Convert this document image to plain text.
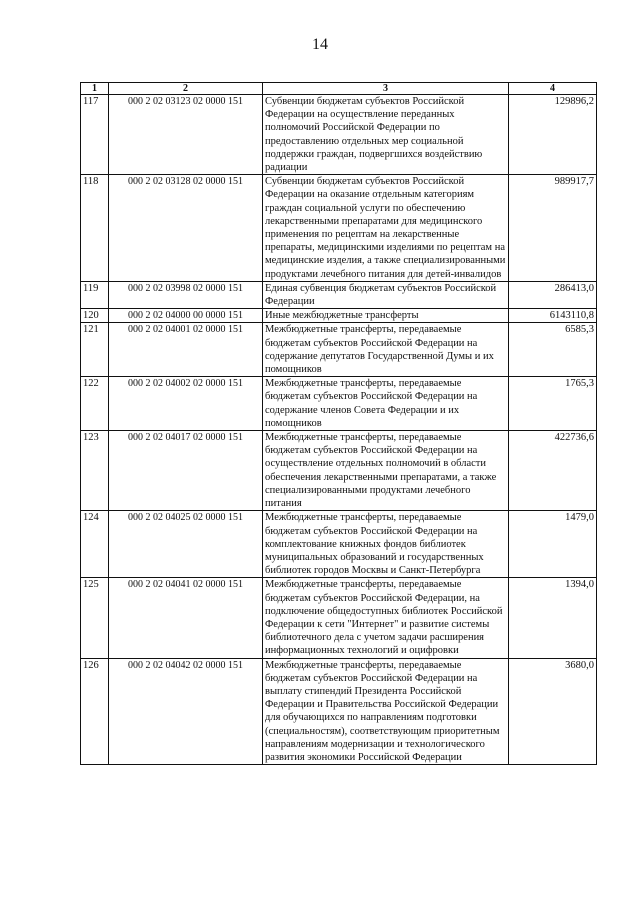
14
1	2	3	4
117	000 2 02 03123 02 0000 151	Субвенции бюджетам субъектов Российской Федерации на осуществление переданных полномочий Российской Федерации по предоставлению отдельных мер социальной поддержки граждан, подвергшихся воздействию радиации	129896,2
118	000 2 02 03128 02 0000 151	Субвенции бюджетам субъектов Российской Федерации на оказание отдельным категориям граждан социальной услуги по обеспечению лекарственными препаратами для медицинского применения по рецептам на лекарственные препараты, медицинскими изделиями по рецептам на медицинские изделия, а также специализированными продуктами лечебного питания для детей-инвалидов	989917,7
119	000 2 02 03998 02 0000 151	Единая субвенция бюджетам субъектов Российской Федерации	286413,0
120	000 2 02 04000 00 0000 151	Иные межбюджетные трансферты	6143110,8
121	000 2 02 04001 02 0000 151	Межбюджетные трансферты, передаваемые бюджетам субъектов Российской Федерации на содержание депутатов Государственной Думы и их помощников	6585,3
122	000 2 02 04002 02 0000 151	Межбюджетные трансферты, передаваемые бюджетам субъектов Российской Федерации на содержание членов Совета Федерации и их помощников	1765,3
123	000 2 02 04017 02 0000 151	Межбюджетные трансферты, передаваемые бюджетам субъектов Российской Федерации на осуществление отдельных полномочий в области обеспечения лекарственными препаратами, а также специализированными продуктами лечебного питания	422736,6
124	000 2 02 04025 02 0000 151	Межбюджетные трансферты, передаваемые бюджетам субъектов Российской Федерации на комплектование книжных фондов библиотек муниципальных образований и государственных библиотек городов Москвы и Санкт-Петербурга	1479,0
125	000 2 02 04041 02 0000 151	Межбюджетные трансферты, передаваемые бюджетам субъектов Российской Федерации, на подключение общедоступных библиотек Российской Федерации к сети "Интернет" и развитие системы библиотечного дела с учетом задачи расширения информационных технологий и оцифровки	1394,0
126	000 2 02 04042 02 0000 151	Межбюджетные трансферты, передаваемые бюджетам субъектов Российской Федерации на выплату стипендий Президента Российской Федерации и Правительства Российской Федерации для обучающихся по направлениям подготовки (специальностям), соответствующим приоритетным направлениям модернизации и технологического развития экономики Российской Федерации	3680,0
